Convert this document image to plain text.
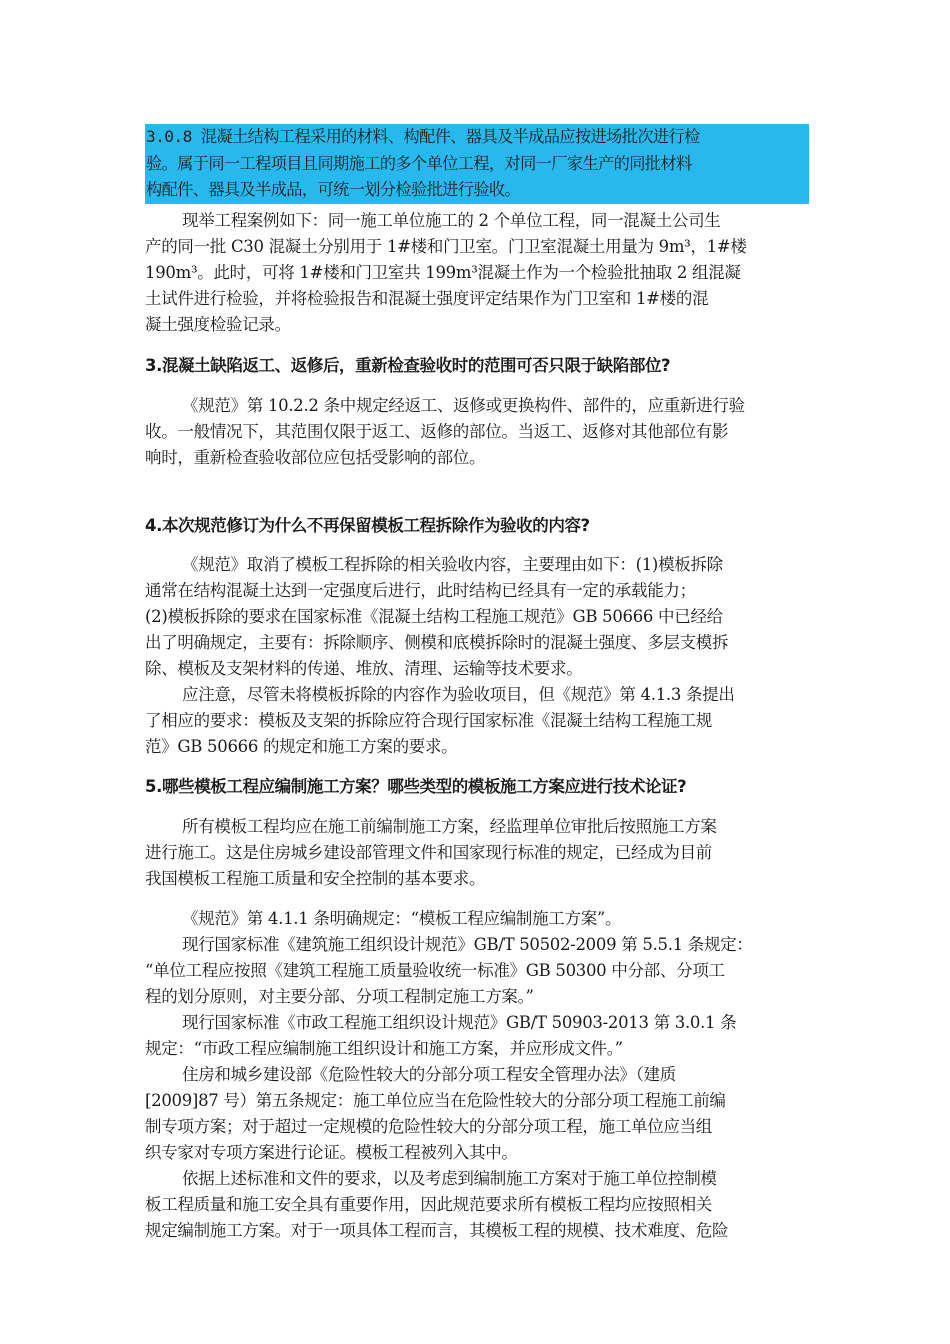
3.0.8 混凝土结构工程采用的材料、构配件、器具及半成品应按进场批次进行检
验。属于同一工程项目且同期施工的多个单位工程，对同一厂家生产的同批材料
构配件、器具及半成品，可统一划分检验批进行验收。
现举工程案例如下：同一施工单位施工的 2 个单位工程，同一混凝土公司生
产的同一批 C30 混凝土分别用于 1#楼和门卫室。门卫室混凝土用量为 9m³，1#楼
190m³。此时，可将 1#楼和门卫室共 199m³混凝土作为一个检验批抽取 2 组混凝
土试件进行检验，并将检验报告和混凝土强度评定结果作为门卫室和 1#楼的混
凝土强度检验记录。
3.混凝土缺陷返工、返修后，重新检查验收时的范围可否只限于缺陷部位?
《规范》第 10.2.2 条中规定经返工、返修或更换构件、部件的，应重新进行验
收。一般情况下，其范围仅限于返工、返修的部位。当返工、返修对其他部位有影
响时，重新检查验收部位应包括受影响的部位。
4.本次规范修订为什么不再保留模板工程拆除作为验收的内容?
《规范》取消了模板工程拆除的相关验收内容，主要理由如下：(1)模板拆除
通常在结构混凝土达到一定强度后进行，此时结构已经具有一定的承载能力；
(2)模板拆除的要求在国家标准《混凝土结构工程施工规范》GB 50666 中已经给
出了明确规定，主要有：拆除顺序、侧模和底模拆除时的混凝土强度、多层支模拆
除、模板及支架材料的传递、堆放、清理、运输等技术要求。
应注意，尽管未将模板拆除的内容作为验收项目，但《规范》第 4.1.3 条提出
了相应的要求：模板及支架的拆除应符合现行国家标准《混凝土结构工程施工规
范》GB 50666 的规定和施工方案的要求。
5.哪些模板工程应编制施工方案？哪些类型的模板施工方案应进行技术论证?
所有模板工程均应在施工前编制施工方案，经监理单位审批后按照施工方案
进行施工。这是住房城乡建设部管理文件和国家现行标准的规定，已经成为目前
我国模板工程施工质量和安全控制的基本要求。
《规范》第 4.1.1 条明确规定：“模板工程应编制施工方案”。
现行国家标准《建筑施工组织设计规范》GB/T 50502-2009 第 5.5.1 条规定：
“单位工程应按照《建筑工程施工质量验收统一标准》GB 50300 中分部、分项工
程的划分原则，对主要分部、分项工程制定施工方案。”
现行国家标准《市政工程施工组织设计规范》GB/T 50903-2013 第 3.0.1 条
规定：“市政工程应编制施工组织设计和施工方案，并应形成文件。”
住房和城乡建设部《危险性较大的分部分项工程安全管理办法》（建质
[2009]87 号）第五条规定：施工单位应当在危险性较大的分部分项工程施工前编
制专项方案；对于超过一定规模的危险性较大的分部分项工程，施工单位应当组
织专家对专项方案进行论证。模板工程被列入其中。
依据上述标准和文件的要求，以及考虑到编制施工方案对于施工单位控制模
板工程质量和施工安全具有重要作用，因此规范要求所有模板工程均应按照相关
规定编制施工方案。对于一项具体工程而言，其模板工程的规模、技术难度、危险
